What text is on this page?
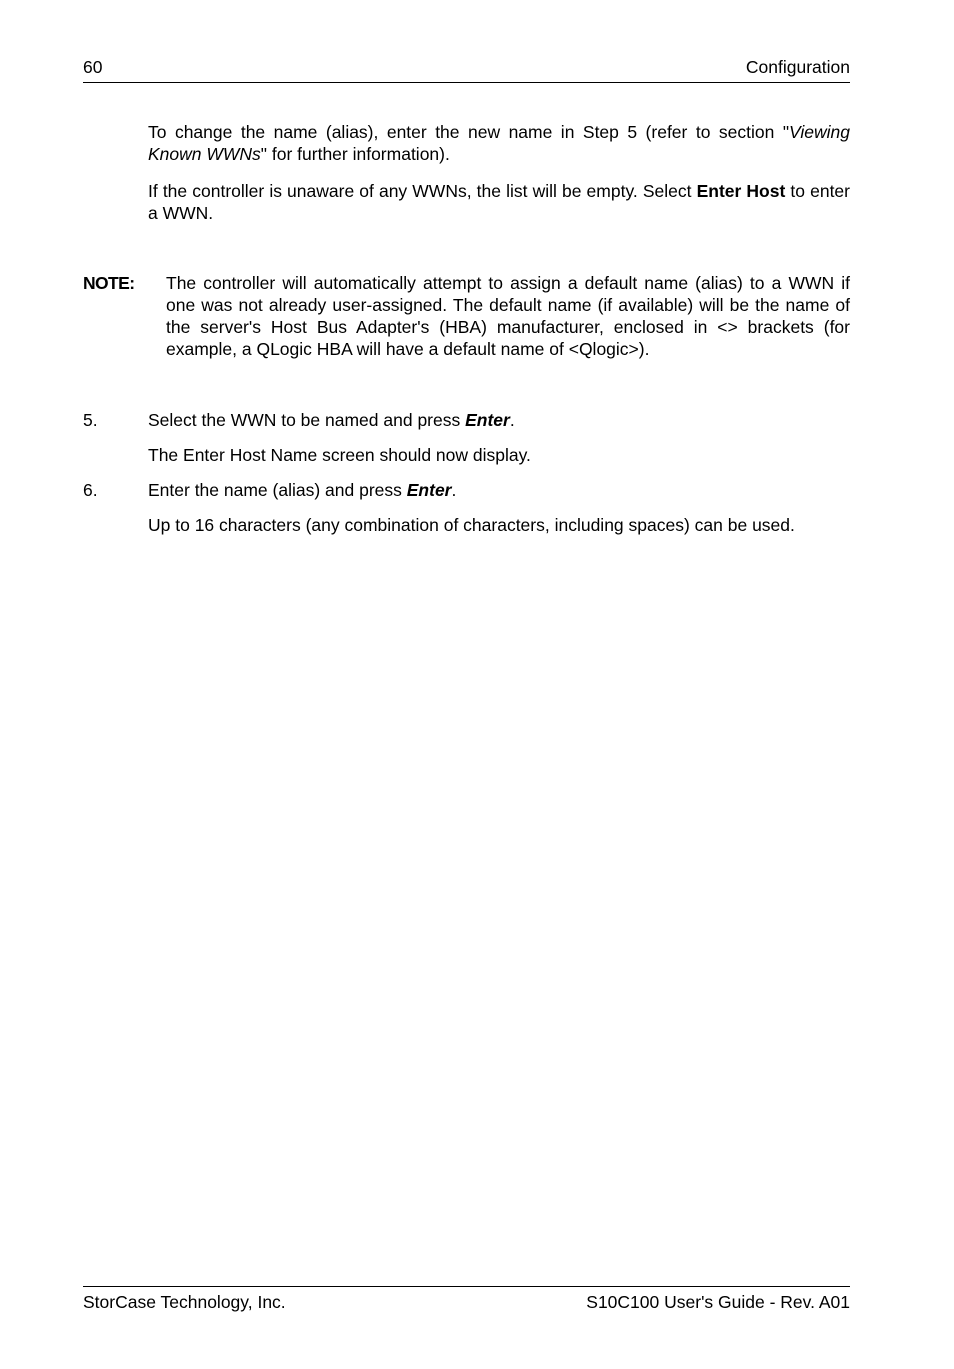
60	Configuration

To change the name (alias), enter the new name in Step 5 (refer to section "Viewing Known WWNs" for further information).

If the controller is unaware of any WWNs, the list will be empty. Select Enter Host to enter a WWN.

NOTE: The controller will automatically attempt to assign a default name (alias) to a WWN if one was not already user-assigned. The default name (if available) will be the name of the server's Host Bus Adapter's (HBA) manufacturer, enclosed in <> brackets (for example, a QLogic HBA will have a default name of <Qlogic>).
5.	Select the WWN to be named and press Enter.
The Enter Host Name screen should now display.
6.	Enter the name (alias) and press Enter.
Up to 16 characters (any combination of characters, including spaces) can be used.
StorCase Technology, Inc.	S10C100 User's Guide - Rev. A01
